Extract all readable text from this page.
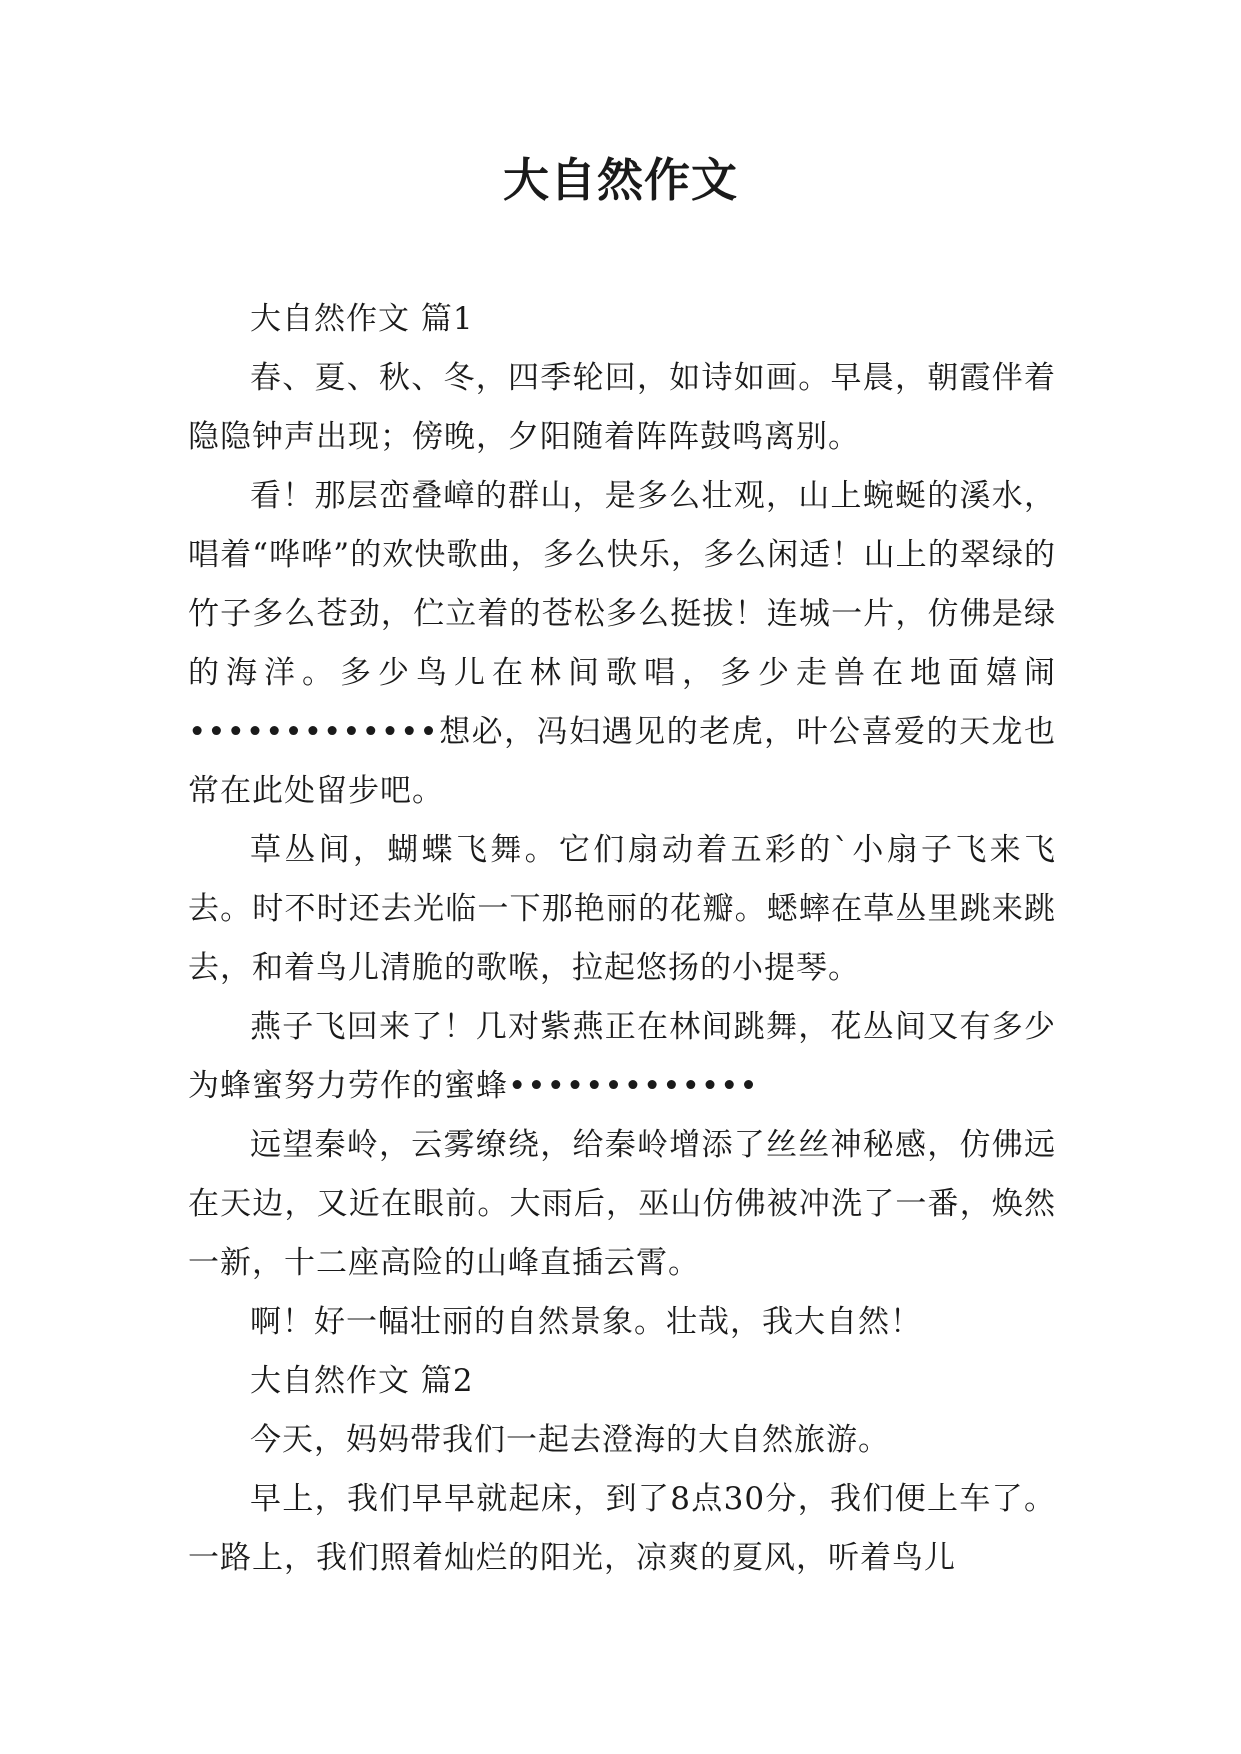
大自然作文

大自然作文 篇1

春、夏、秋、冬，四季轮回，如诗如画。早晨，朝霞伴着隐隐钟声出现；傍晚，夕阳随着阵阵鼓鸣离别。

看！那层峦叠嶂的群山，是多么壮观，山上蜿蜒的溪水，唱着“哗哗”的欢快歌曲，多么快乐，多么闲适！山上的翠绿的竹子多么苍劲，伫立着的苍松多么挺拔！连城一片，仿佛是绿的海洋。多少鸟儿在林间歌唱，多少走兽在地面嬉闹•••••••••••••想必，冯妇遇见的老虎，叶公喜爱的天龙也常在此处留步吧。

草丛间，蝴蝶飞舞。它们扇动着五彩的`小扇子飞来飞去。时不时还去光临一下那艳丽的花瓣。蟋蟀在草丛里跳来跳去，和着鸟儿清脆的歌喉，拉起悠扬的小提琴。

燕子飞回来了！几对紫燕正在林间跳舞，花丛间又有多少为蜂蜜努力劳作的蜜蜂•••••••••••••

远望秦岭，云雾缭绕，给秦岭增添了丝丝神秘感，仿佛远在天边，又近在眼前。大雨后，巫山仿佛被冲洗了一番，焕然一新，十二座高险的山峰直插云霄。

啊！好一幅壮丽的自然景象。壮哉，我大自然！

大自然作文 篇2

今天，妈妈带我们一起去澄海的大自然旅游。

早上，我们早早就起床，到了8点30分，我们便上车了。一路上，我们照着灿烂的阳光，凉爽的夏风，听着鸟儿
